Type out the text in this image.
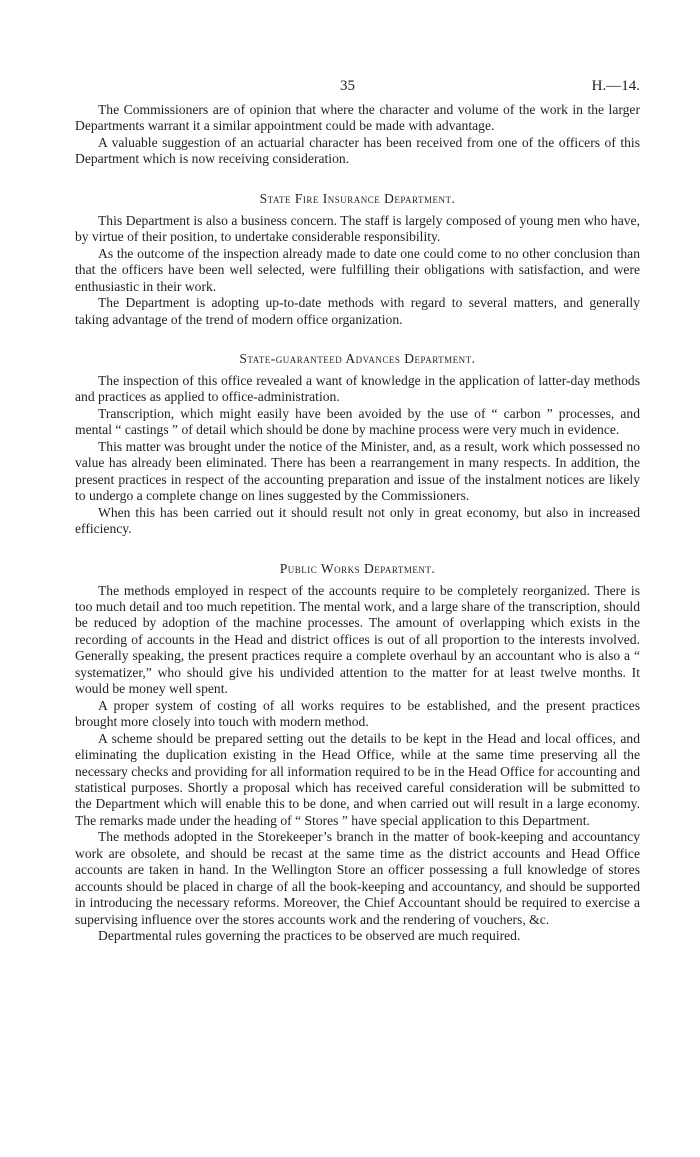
35	H.—14.

The Commissioners are of opinion that where the character and volume of the work in the larger Departments warrant it a similar appointment could be made with advantage.

A valuable suggestion of an actuarial character has been received from one of the officers of this Department which is now receiving consideration.

State Fire Insurance Department.

This Department is also a business concern. The staff is largely composed of young men who have, by virtue of their position, to undertake considerable responsibility.

As the outcome of the inspection already made to date one could come to no other conclusion than that the officers have been well selected, were fulfilling their obligations with satisfaction, and were enthusiastic in their work.

The Department is adopting up-to-date methods with regard to several matters, and generally taking advantage of the trend of modern office organization.

State-guaranteed Advances Department.

The inspection of this office revealed a want of knowledge in the application of latter-day methods and practices as applied to office-administration.

Transcription, which might easily have been avoided by the use of “ carbon ” processes, and mental “ castings ” of detail which should be done by machine process were very much in evidence.

This matter was brought under the notice of the Minister, and, as a result, work which possessed no value has already been eliminated. There has been a rearrangement in many respects. In addition, the present practices in respect of the accounting preparation and issue of the instalment notices are likely to undergo a complete change on lines suggested by the Commissioners.

When this has been carried out it should result not only in great economy, but also in increased efficiency.

Public Works Department.

The methods employed in respect of the accounts require to be completely reorganized. There is too much detail and too much repetition. The mental work, and a large share of the transcription, should be reduced by adoption of the machine processes. The amount of overlapping which exists in the recording of accounts in the Head and district offices is out of all proportion to the interests involved. Generally speaking, the present practices require a complete overhaul by an accountant who is also a “ systematizer,” who should give his undivided attention to the matter for at least twelve months. It would be money well spent.

A proper system of costing of all works requires to be established, and the present practices brought more closely into touch with modern method.

A scheme should be prepared setting out the details to be kept in the Head and local offices, and eliminating the duplication existing in the Head Office, while at the same time preserving all the necessary checks and providing for all information required to be in the Head Office for accounting and statistical purposes. Shortly a proposal which has received careful consideration will be submitted to the Department which will enable this to be done, and when carried out will result in a large economy. The remarks made under the heading of “ Stores ” have special application to this Department.

The methods adopted in the Storekeeper’s branch in the matter of book-keeping and accountancy work are obsolete, and should be recast at the same time as the district accounts and Head Office accounts are taken in hand. In the Wellington Store an officer possessing a full knowledge of stores accounts should be placed in charge of all the book-keeping and accountancy, and should be supported in introducing the necessary reforms. Moreover, the Chief Accountant should be required to exercise a supervising influence over the stores accounts work and the rendering of vouchers, &c.

Departmental rules governing the practices to be observed are much required.
